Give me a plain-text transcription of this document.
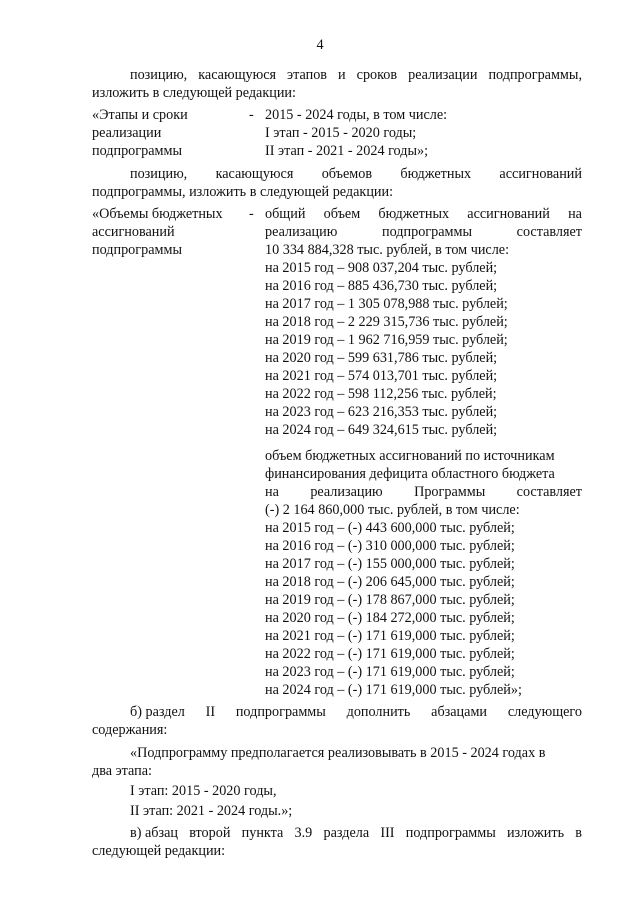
4
позицию, касающуюся этапов и сроков реализации подпрограммы,
изложить в следующей редакции:
«Этапы и сроки
реализации
подпрограммы
- 2015 - 2024 годы, в том числе:
I этап - 2015 - 2020 годы;
II этап - 2021 - 2024 годы»;
позицию, касающуюся объемов бюджетных ассигнований
подпрограммы, изложить в следующей редакции:
«Объемы бюджетных
ассигнований
подпрограммы
- общий объем бюджетных ассигнований на
реализацию	подпрограммы	составляет
10 334 884,328 тыс. рублей, в том числе:
на 2015 год – 908 037,204 тыс. рублей;
на 2016 год – 885 436,730 тыс. рублей;
на 2017 год – 1 305 078,988 тыс. рублей;
на 2018 год – 2 229 315,736 тыс. рублей;
на 2019 год – 1 962 716,959 тыс. рублей;
на 2020 год – 599 631,786 тыс. рублей;
на 2021 год – 574 013,701 тыс. рублей;
на 2022 год – 598 112,256 тыс. рублей;
на 2023 год – 623 216,353 тыс. рублей;
на 2024 год – 649 324,615 тыс. рублей;
объем бюджетных ассигнований по источникам
финансирования дефицита областного бюджета
на реализацию Программы составляет
(-) 2 164 860,000 тыс. рублей, в том числе:
на 2015 год – (-) 443 600,000 тыс. рублей;
на 2016 год – (-) 310 000,000 тыс. рублей;
на 2017 год – (-) 155 000,000 тыс. рублей;
на 2018 год – (-) 206 645,000 тыс. рублей;
на 2019 год – (-) 178 867,000 тыс. рублей;
на 2020 год – (-) 184 272,000 тыс. рублей;
на 2021 год – (-) 171 619,000 тыс. рублей;
на 2022 год – (-) 171 619,000 тыс. рублей;
на 2023 год – (-) 171 619,000 тыс. рублей;
на 2024 год – (-) 171 619,000 тыс. рублей»;
б) раздел II подпрограммы дополнить абзацами следующего
содержания:
«Подпрограмму предполагается реализовывать в 2015 - 2024 годах в
два этапа:
I этап: 2015 - 2020 годы,
II этап: 2021 - 2024 годы.»;
в) абзац второй пункта 3.9 раздела III подпрограммы изложить в
следующей редакции:
